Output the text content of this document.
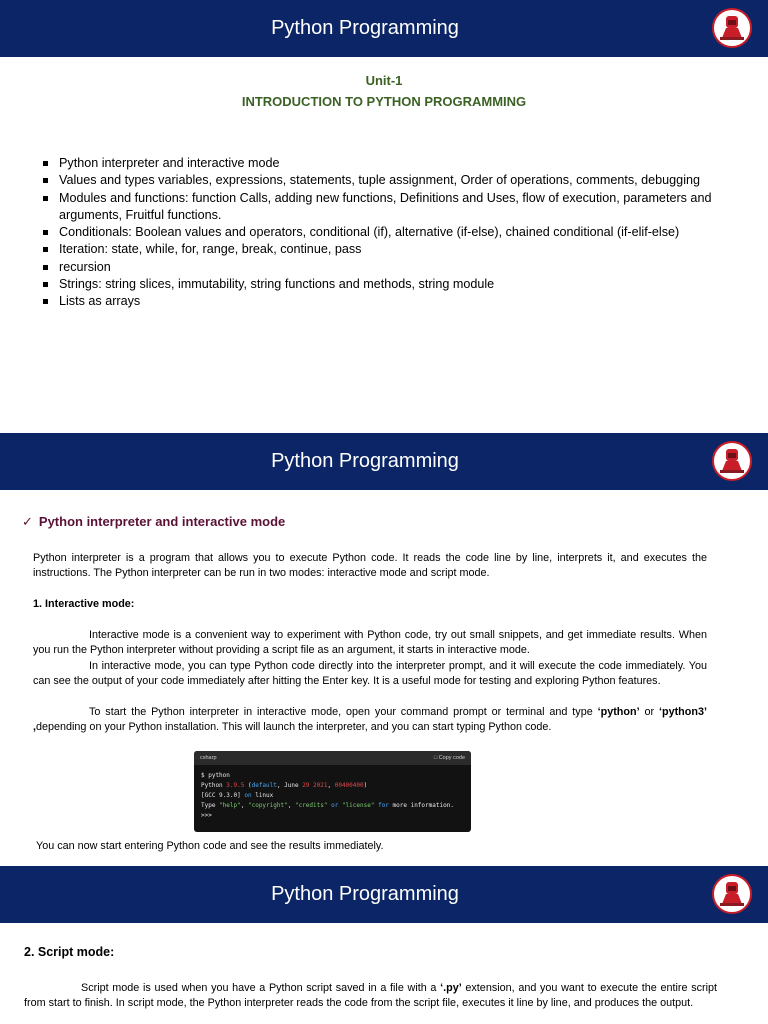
Python Programming
Unit-1
INTRODUCTION TO PYTHON PROGRAMMING
Python interpreter and interactive mode
Values and types variables, expressions, statements, tuple assignment, Order of operations, comments, debugging
Modules and functions: function Calls, adding new functions, Definitions and Uses, flow of execution, parameters and arguments, Fruitful functions.
Conditionals: Boolean values and operators, conditional (if), alternative (if-else), chained conditional (if-elif-else)
Iteration: state, while, for, range, break, continue, pass
recursion
Strings: string slices, immutability, string functions and methods, string module
Lists as arrays
Python Programming
✓ Python interpreter and interactive mode
Python interpreter is a program that allows you to execute Python code. It reads the code line by line, interprets it, and executes the instructions. The Python interpreter can be run in two modes: interactive mode and script mode.
1. Interactive mode:
Interactive mode is a convenient way to experiment with Python code, try out small snippets, and get immediate results. When you run the Python interpreter without providing a script file as an argument, it starts in interactive mode.
In interactive mode, you can type Python code directly into the interpreter prompt, and it will execute the code immediately. You can see the output of your code immediately after hitting the Enter key. It is a useful mode for testing and exploring Python features.
To start the Python interpreter in interactive mode, open your command prompt or terminal and type ‘python’ or ‘python3’ ,depending on your Python installation. This will launch the interpreter, and you can start typing Python code.
csharp	□ Copy code
$ python
Python 3.9.5 (default, June 29 2021, 00400400)
[GCC 9.3.0] on linux
Type "help", "copyright", "credits" or "license" for more information.
>>>
You can now start entering Python code and see the results immediately.
Python Programming
2. Script mode:
Script mode is used when you have a Python script saved in a file with a ‘.py’ extension, and you want to execute the entire script from start to finish. In script mode, the Python interpreter reads the code from the script file, executes it line by line, and produces the output.
